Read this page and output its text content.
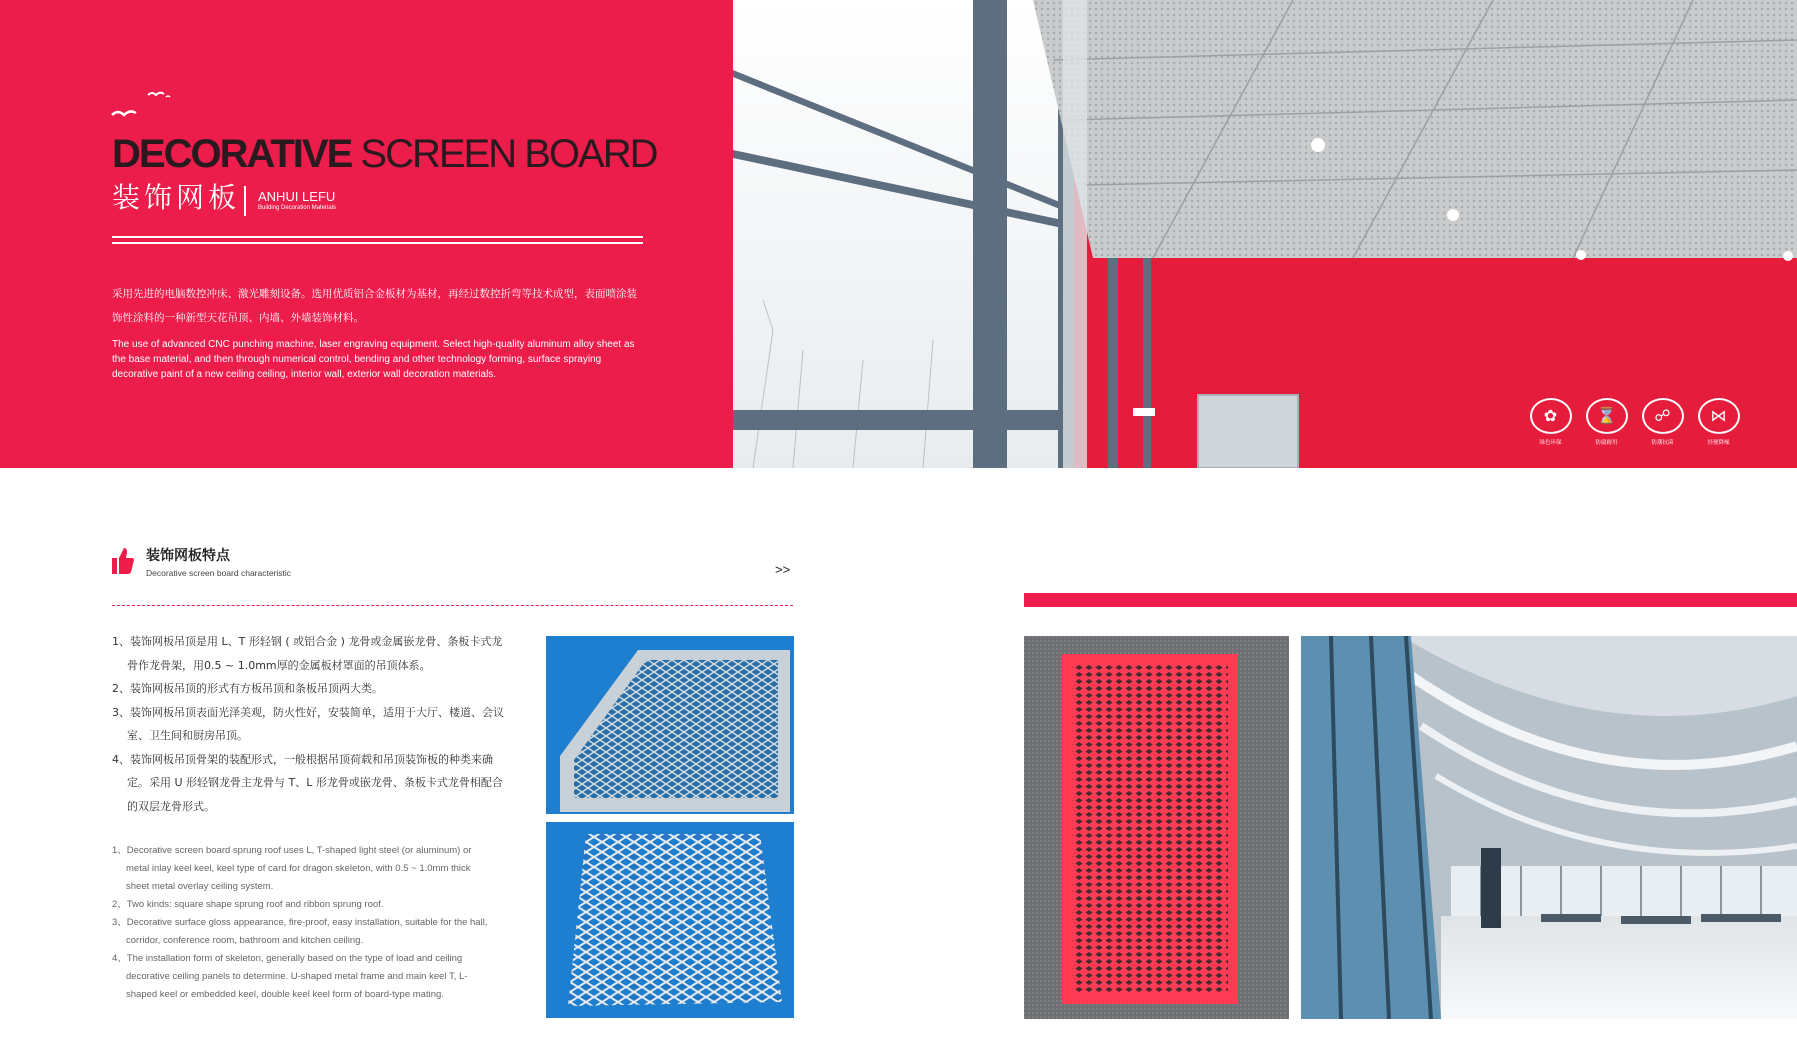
DECORATIVE SCREEN BOARD
装饰网板 ANHUI LEFU
Building Decoration Materials

采用先进的电脑数控冲床、激光雕刻设备。选用优质铝合金板材为基材，再经过数控折弯等技术成型，表面喷涂装饰性涂料的一种新型天花吊顶、内墙、外墙装饰材料。

The use of advanced CNC punching machine, laser engraving equipment. Select high-quality aluminum alloy sheet as the base material, and then through numerical control, bending and other technology forming, surface spraying decorative paint of a new ceiling ceiling, interior wall, exterior wall decoration materials.

✿
绿色环保
⌛
防腐耐用
☍
防潮抗菌
⋈
轻便降噪
装饰网板特点
Decorative screen board characteristic	>>
1、装饰网板吊顶是用 L、T 形轻钢 ( 或铝合金 ) 龙骨或金属嵌龙骨、条板卡式龙骨作龙骨架，用0.5 ~ 1.0mm厚的金属板材罩面的吊顶体系。
2、装饰网板吊顶的形式有方板吊顶和条板吊顶两大类。
3、装饰网板吊顶表面光泽美观，防火性好，安装简单，适用于大厅、楼道、会议室、卫生间和厨房吊顶。
4、装饰网板吊顶骨架的装配形式，一般根据吊顶荷载和吊顶装饰板的种类来确定。采用 U 形轻钢龙骨主龙骨与 T、L 形龙骨或嵌龙骨、条板卡式龙骨相配合的双层龙骨形式。
1、Decorative screen board sprung roof uses L, T-shaped light steel (or aluminum) or metal inlay keel keel, keel type of card for dragon skeleton, with 0.5 ~ 1.0mm thick sheet metal overlay ceiling system.
2、Two kinds: square shape sprung roof and ribbon sprung roof.
3、Decorative surface gloss appearance, fire-proof, easy installation, suitable for the hall, corridor, conference room, bathroom and kitchen ceiling.
4、The installation form of skeleton, generally based on the type of load and ceiling decorative ceiling panels to determine. U-shaped metal frame and main keel T, L-shaped keel or embedded keel, double keel keel form of board-type mating.
